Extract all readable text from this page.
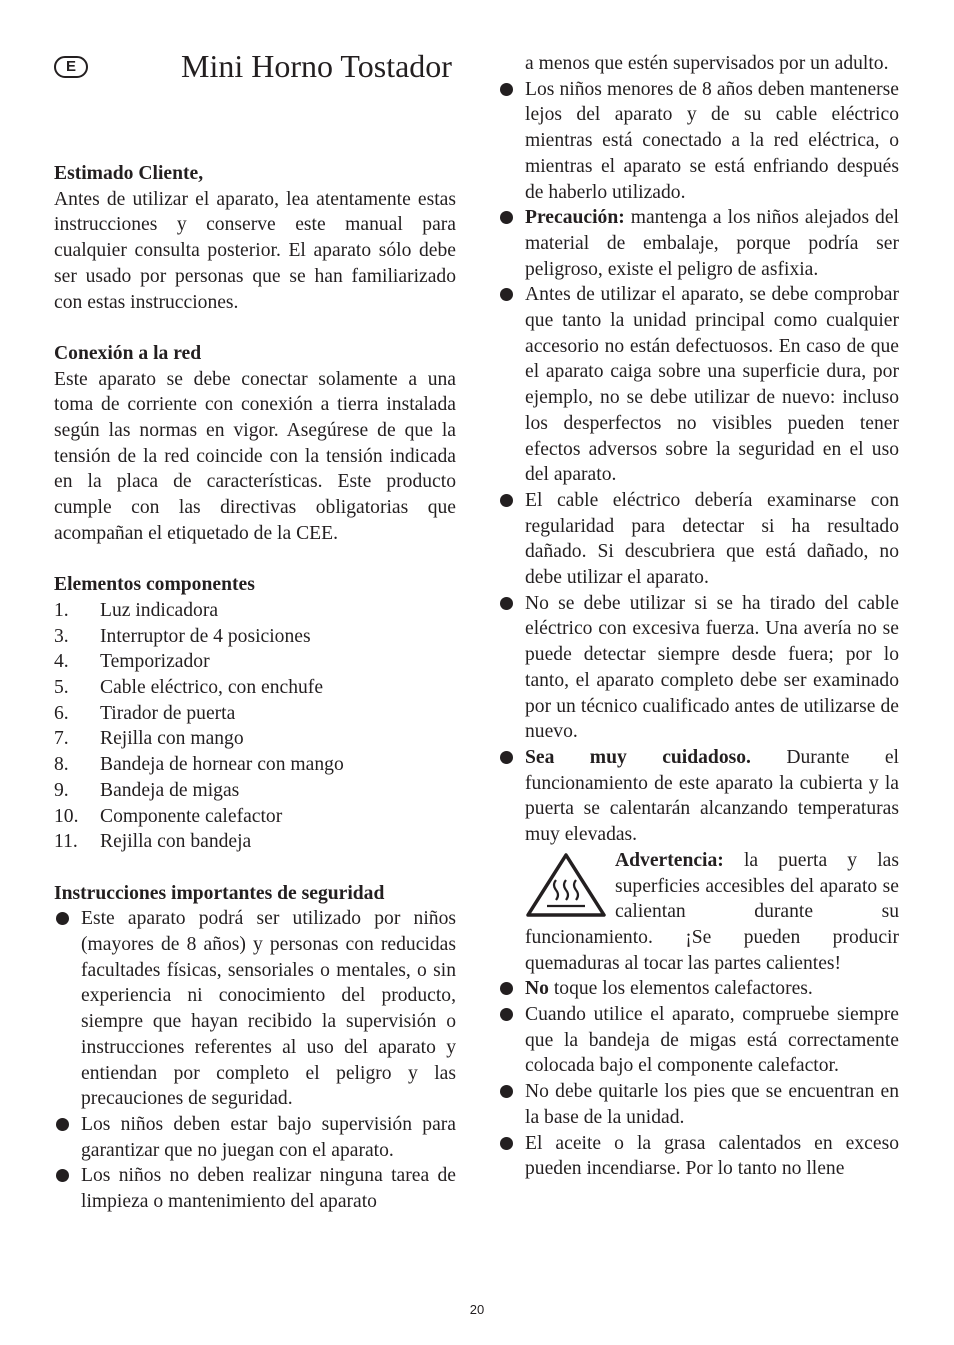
E	Mini Horno Tostador

Estimado Cliente,

Antes de utilizar el aparato, lea atentamente estas instrucciones y conserve este manual para cualquier consulta posterior. El aparato sólo debe ser usado por personas que se han familiarizado con estas instrucciones.

Conexión a la red

Este aparato se debe conectar solamente a una toma de corriente con conexión a tierra instalada según las normas en vigor. Asegúrese de que la tensión de la red coincide con la tensión indicada en la placa de características. Este producto cumple con las directivas obligatorias que acompañan el etiquetado de la CEE.

Elementos componentes

1.	Luz indicadora
3.	Interruptor de 4 posiciones
4.	Temporizador
5.	Cable eléctrico, con enchufe
6.	Tirador de puerta
7.	Rejilla con mango
8.	Bandeja de hornear con mango
9.	Bandeja de migas
10.	Componente calefactor
11.	Rejilla con bandeja

Instrucciones importantes de seguridad

Este aparato podrá ser utilizado por niños (mayores de 8 años) y personas con reducidas facultades físicas, sensoriales o mentales, o sin experiencia ni conocimiento del producto, siempre que hayan recibido la supervisión o instrucciones referentes al uso del aparato y entiendan por completo el peligro y las precauciones de seguridad.
Los niños deben estar bajo supervisión para garantizar que no juegan con el aparato.
Los niños no deben realizar ninguna tarea de limpieza o mantenimiento del aparato
a menos que estén supervisados por un adulto.
Los niños menores de 8 años deben mantenerse lejos del aparato y de su cable eléctrico mientras está conectado a la red eléctrica, o mientras el aparato se está enfriando después de haberlo utilizado.
Precaución: mantenga a los niños alejados del material de embalaje, porque podría ser peligroso, existe el peligro de asfixia.
Antes de utilizar el aparato, se debe comprobar que tanto la unidad principal como cualquier accesorio no están defectuosos. En caso de que el aparato caiga sobre una superficie dura, por ejemplo, no se debe utilizar de nuevo: incluso los desperfectos no visibles pueden tener efectos adversos sobre la seguridad en el uso del aparato.
El cable eléctrico debería examinarse con regularidad para detectar si ha resultado dañado. Si descubriera que está dañado, no debe utilizar el aparato.
No se debe utilizar si se ha tirado del cable eléctrico con excesiva fuerza. Una avería no se puede detectar siempre desde fuera; por lo tanto, el aparato completo debe ser examinado por un técnico cualificado antes de utilizarse de nuevo.
Sea muy cuidadoso. Durante el funcionamiento de este aparato la cubierta y la puerta se calentarán alcanzando temperaturas muy elevadas.
Advertencia: la puerta y las superficies accesibles del aparato se calientan durante su funcionamiento. ¡Se pueden producir quemaduras al tocar las partes calientes!
No toque los elementos calefactores.
Cuando utilice el aparato, compruebe siempre que la bandeja de migas está correctamente colocada bajo el componente calefactor.
No debe quitarle los pies que se encuentran en la base de la unidad.
El aceite o la grasa calentados en exceso pueden incendiarse. Por lo tanto no llene
20
